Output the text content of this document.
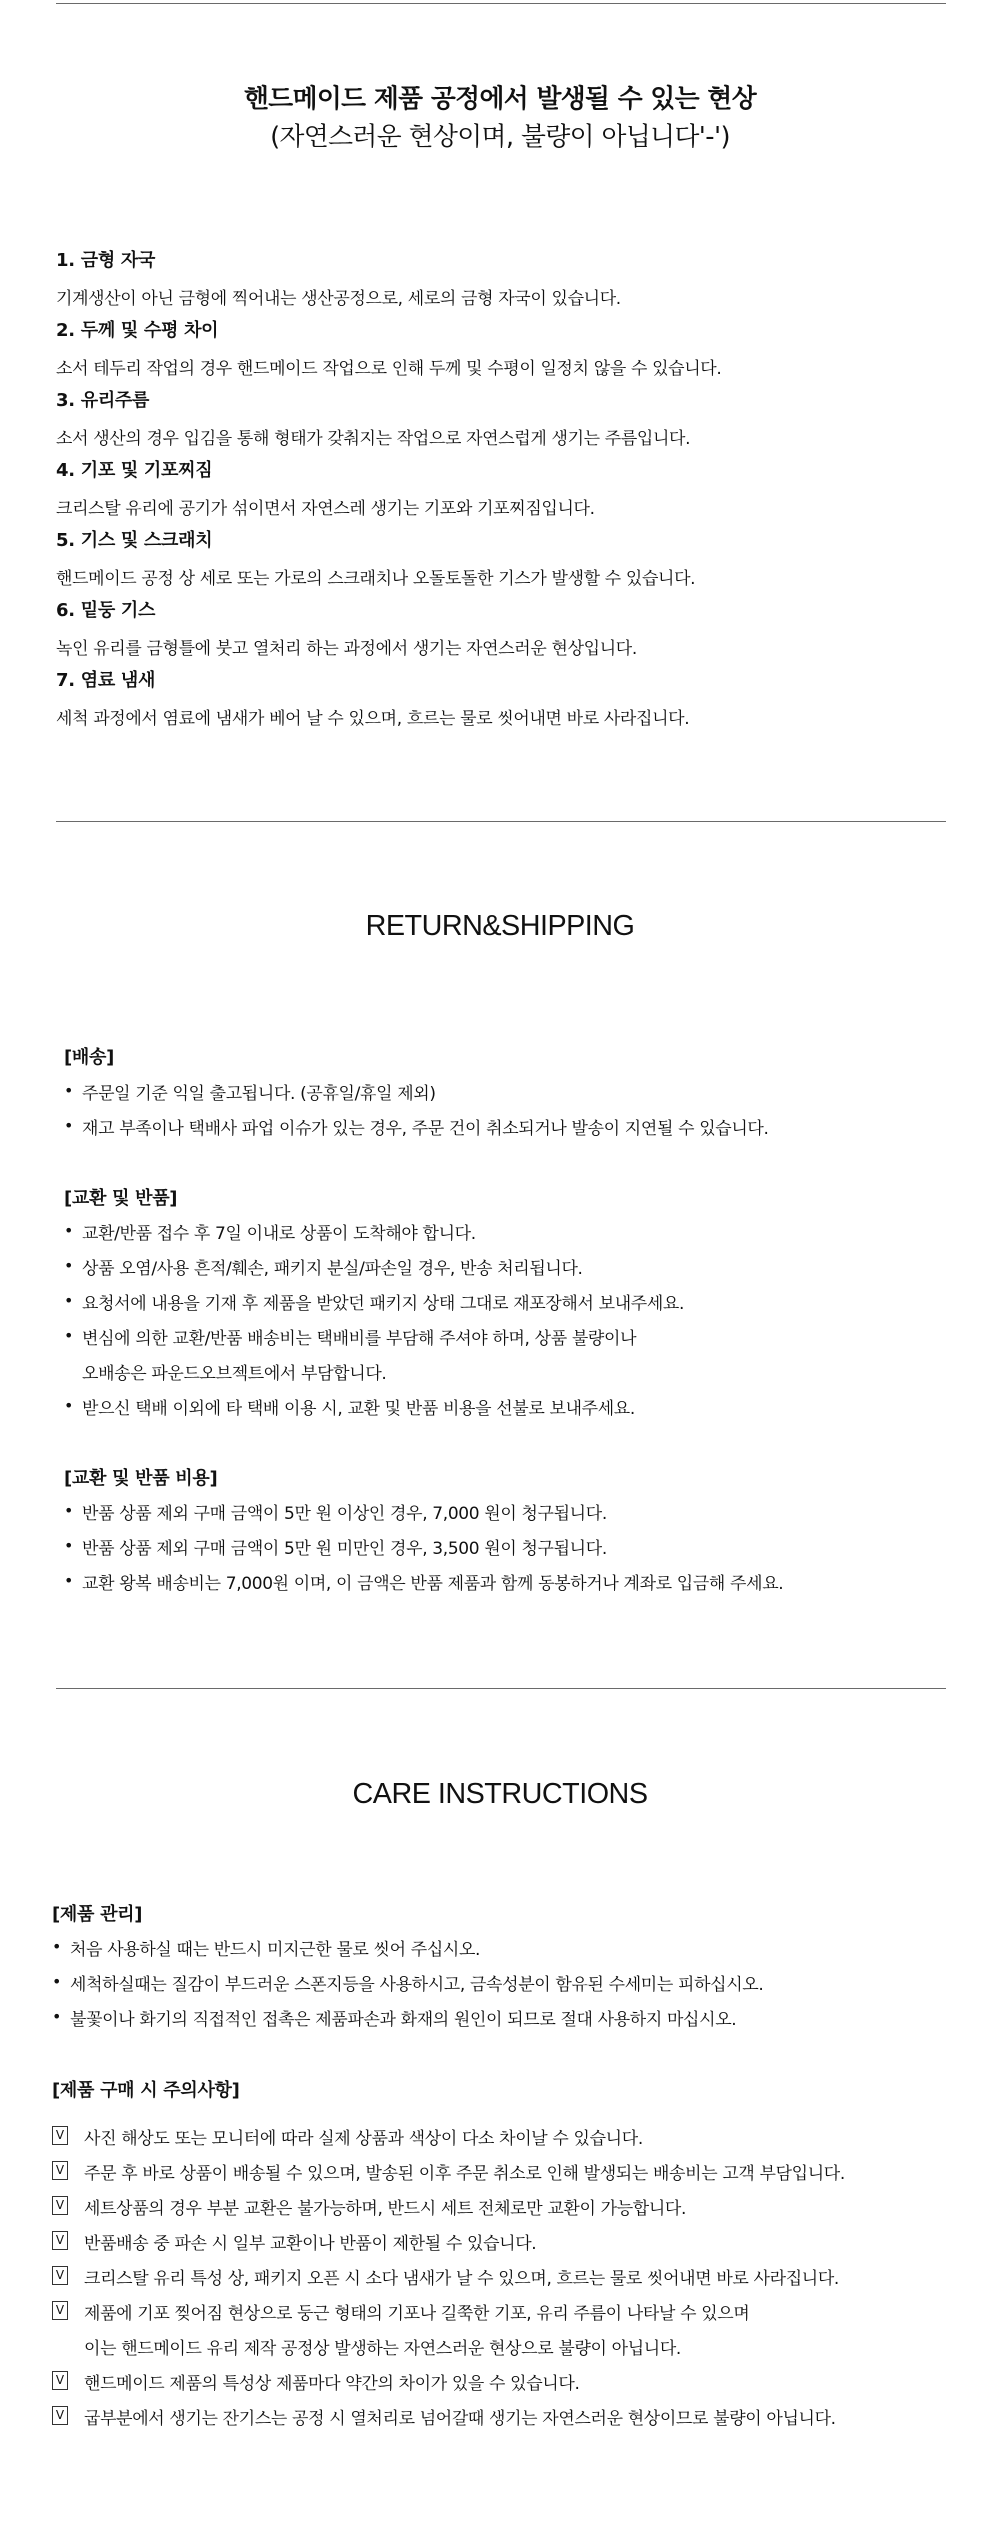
핸드메이드 제품 공정에서 발생될 수 있는 현상
(자연스러운 현상이며, 불량이 아닙니다'-')
1. 금형 자국
기계생산이 아닌 금형에 찍어내는 생산공정으로, 세로의 금형 자국이 있습니다.
2. 두께 및 수평 차이
소서 테두리 작업의 경우 핸드메이드 작업으로 인해 두께 및 수평이 일정치 않을 수 있습니다.
3. 유리주름
소서 생산의 경우 입김을 통해 형태가 갖춰지는 작업으로 자연스럽게 생기는 주름입니다.
4. 기포 및 기포찌짐
크리스탈 유리에 공기가 섞이면서 자연스레 생기는 기포와 기포찌짐입니다.
5. 기스 및 스크래치
핸드메이드 공정 상 세로 또는 가로의 스크래치나 오돌토돌한 기스가 발생할 수 있습니다.
6. 밑둥 기스
녹인 유리를 금형틀에 붓고 열처리 하는 과정에서 생기는 자연스러운 현상입니다.
7. 염료 냄새
세척 과정에서 염료에 냄새가 베어 날 수 있으며, 흐르는 물로 씻어내면 바로 사라집니다.
RETURN&SHIPPING
[배송]
• 주문일 기준 익일 출고됩니다. (공휴일/휴일 제외)
• 재고 부족이나 택배사 파업 이슈가 있는 경우, 주문 건이 취소되거나 발송이 지연될 수 있습니다.
[교환 및 반품]
• 교환/반품 접수 후 7일 이내로 상품이 도착해야 합니다.
• 상품 오염/사용 흔적/훼손, 패키지 분실/파손일 경우, 반송 처리됩니다.
• 요청서에 내용을 기재 후 제품을 받았던 패키지 상태 그대로 재포장해서 보내주세요.
• 변심에 의한 교환/반품 배송비는 택배비를 부담해 주셔야 하며, 상품 불량이나
오배송은 파운드오브젝트에서 부담합니다.
• 받으신 택배 이외에 타 택배 이용 시, 교환 및 반품 비용을 선불로 보내주세요.
[교환 및 반품 비용]
• 반품 상품 제외 구매 금액이 5만 원 이상인 경우, 7,000 원이 청구됩니다.
• 반품 상품 제외 구매 금액이 5만 원 미만인 경우, 3,500 원이 청구됩니다.
• 교환 왕복 배송비는 7,000원 이며, 이 금액은 반품 제품과 함께 동봉하거나 계좌로 입금해 주세요.
CARE INSTRUCTIONS
[제품 관리]
• 처음 사용하실 때는 반드시 미지근한 물로 씻어 주십시오.
• 세척하실때는 질감이 부드러운 스폰지등을 사용하시고, 금속성분이 함유된 수세미는 피하십시오.
• 불꽃이나 화기의 직접적인 접촉은 제품파손과 화재의 원인이 되므로 절대 사용하지 마십시오.
[제품 구매 시 주의사항]
V 사진 해상도 또는 모니터에 따라 실제 상품과 색상이 다소 차이날 수 있습니다.
V 주문 후 바로 상품이 배송될 수 있으며, 발송된 이후 주문 취소로 인해 발생되는 배송비는 고객 부담입니다.
V 세트상품의 경우 부분 교환은 불가능하며, 반드시 세트 전체로만 교환이 가능합니다.
V 반품배송 중 파손 시 일부 교환이나 반품이 제한될 수 있습니다.
V 크리스탈 유리 특성 상, 패키지 오픈 시 소다 냄새가 날 수 있으며, 흐르는 물로 씻어내면 바로 사라집니다.
V 제품에 기포 찢어짐 현상으로 둥근 형태의 기포나 길쭉한 기포, 유리 주름이 나타날 수 있으며
이는 핸드메이드 유리 제작 공정상 발생하는 자연스러운 현상으로 불량이 아닙니다.
V 핸드메이드 제품의 특성상 제품마다 약간의 차이가 있을 수 있습니다.
V 굽부분에서 생기는 잔기스는 공정 시 열처리로 넘어갈때 생기는 자연스러운 현상이므로 불량이 아닙니다.
